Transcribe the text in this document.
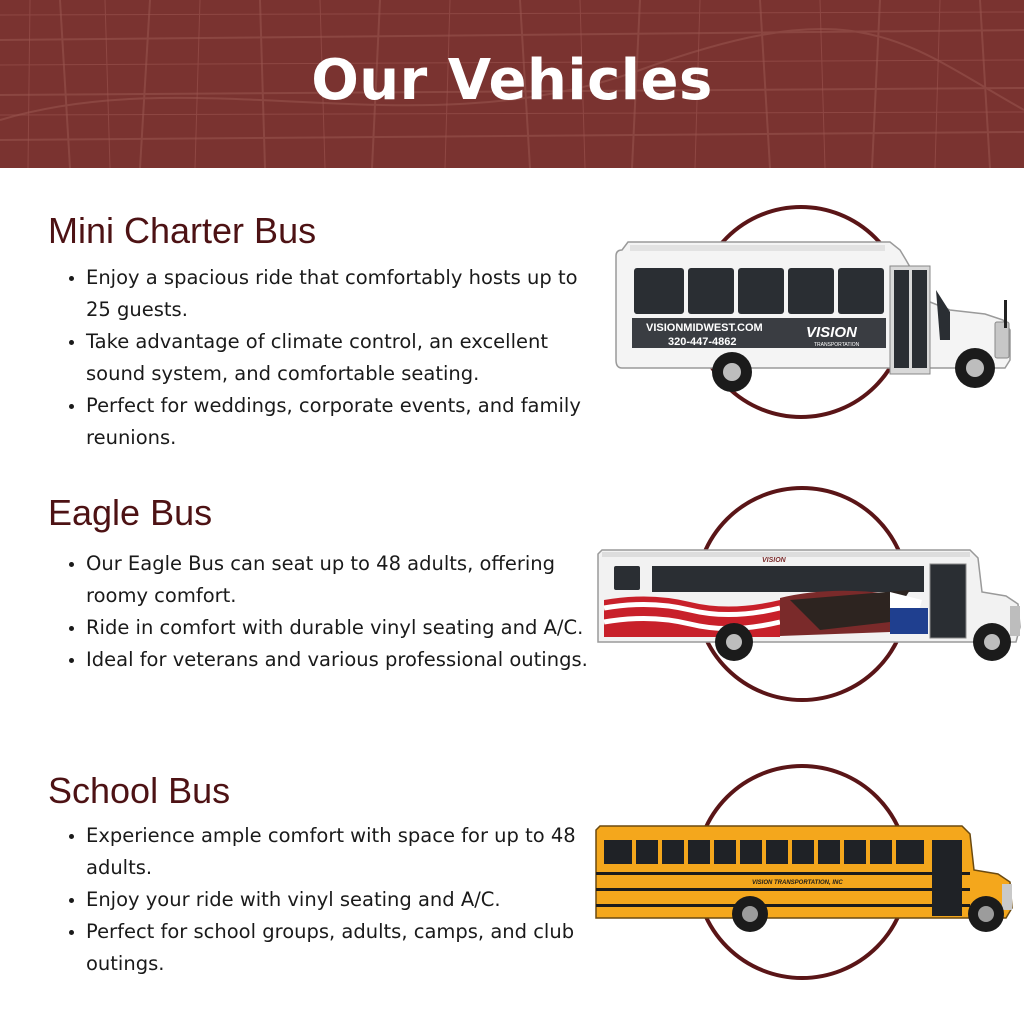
Our Vehicles
Mini Charter Bus
• Enjoy a spacious ride that comfortably hosts up to 25 guests.
• Take advantage of climate control, an excellent sound system, and comfortable seating.
• Perfect for weddings, corporate events, and family reunions.
VISIONMIDWEST.COM
320-447-4862
VISION
TRANSPORTATION
Eagle Bus
• Our Eagle Bus can seat up to 48 adults, offering roomy comfort.
• Ride in comfort with durable vinyl seating and A/C.
• Ideal for veterans and various professional outings.
VISION
School Bus
• Experience ample comfort with space for up to 48 adults.
• Enjoy your ride with vinyl seating and A/C.
• Perfect for school groups, adults, camps, and club outings.
VISION TRANSPORTATION, INC
